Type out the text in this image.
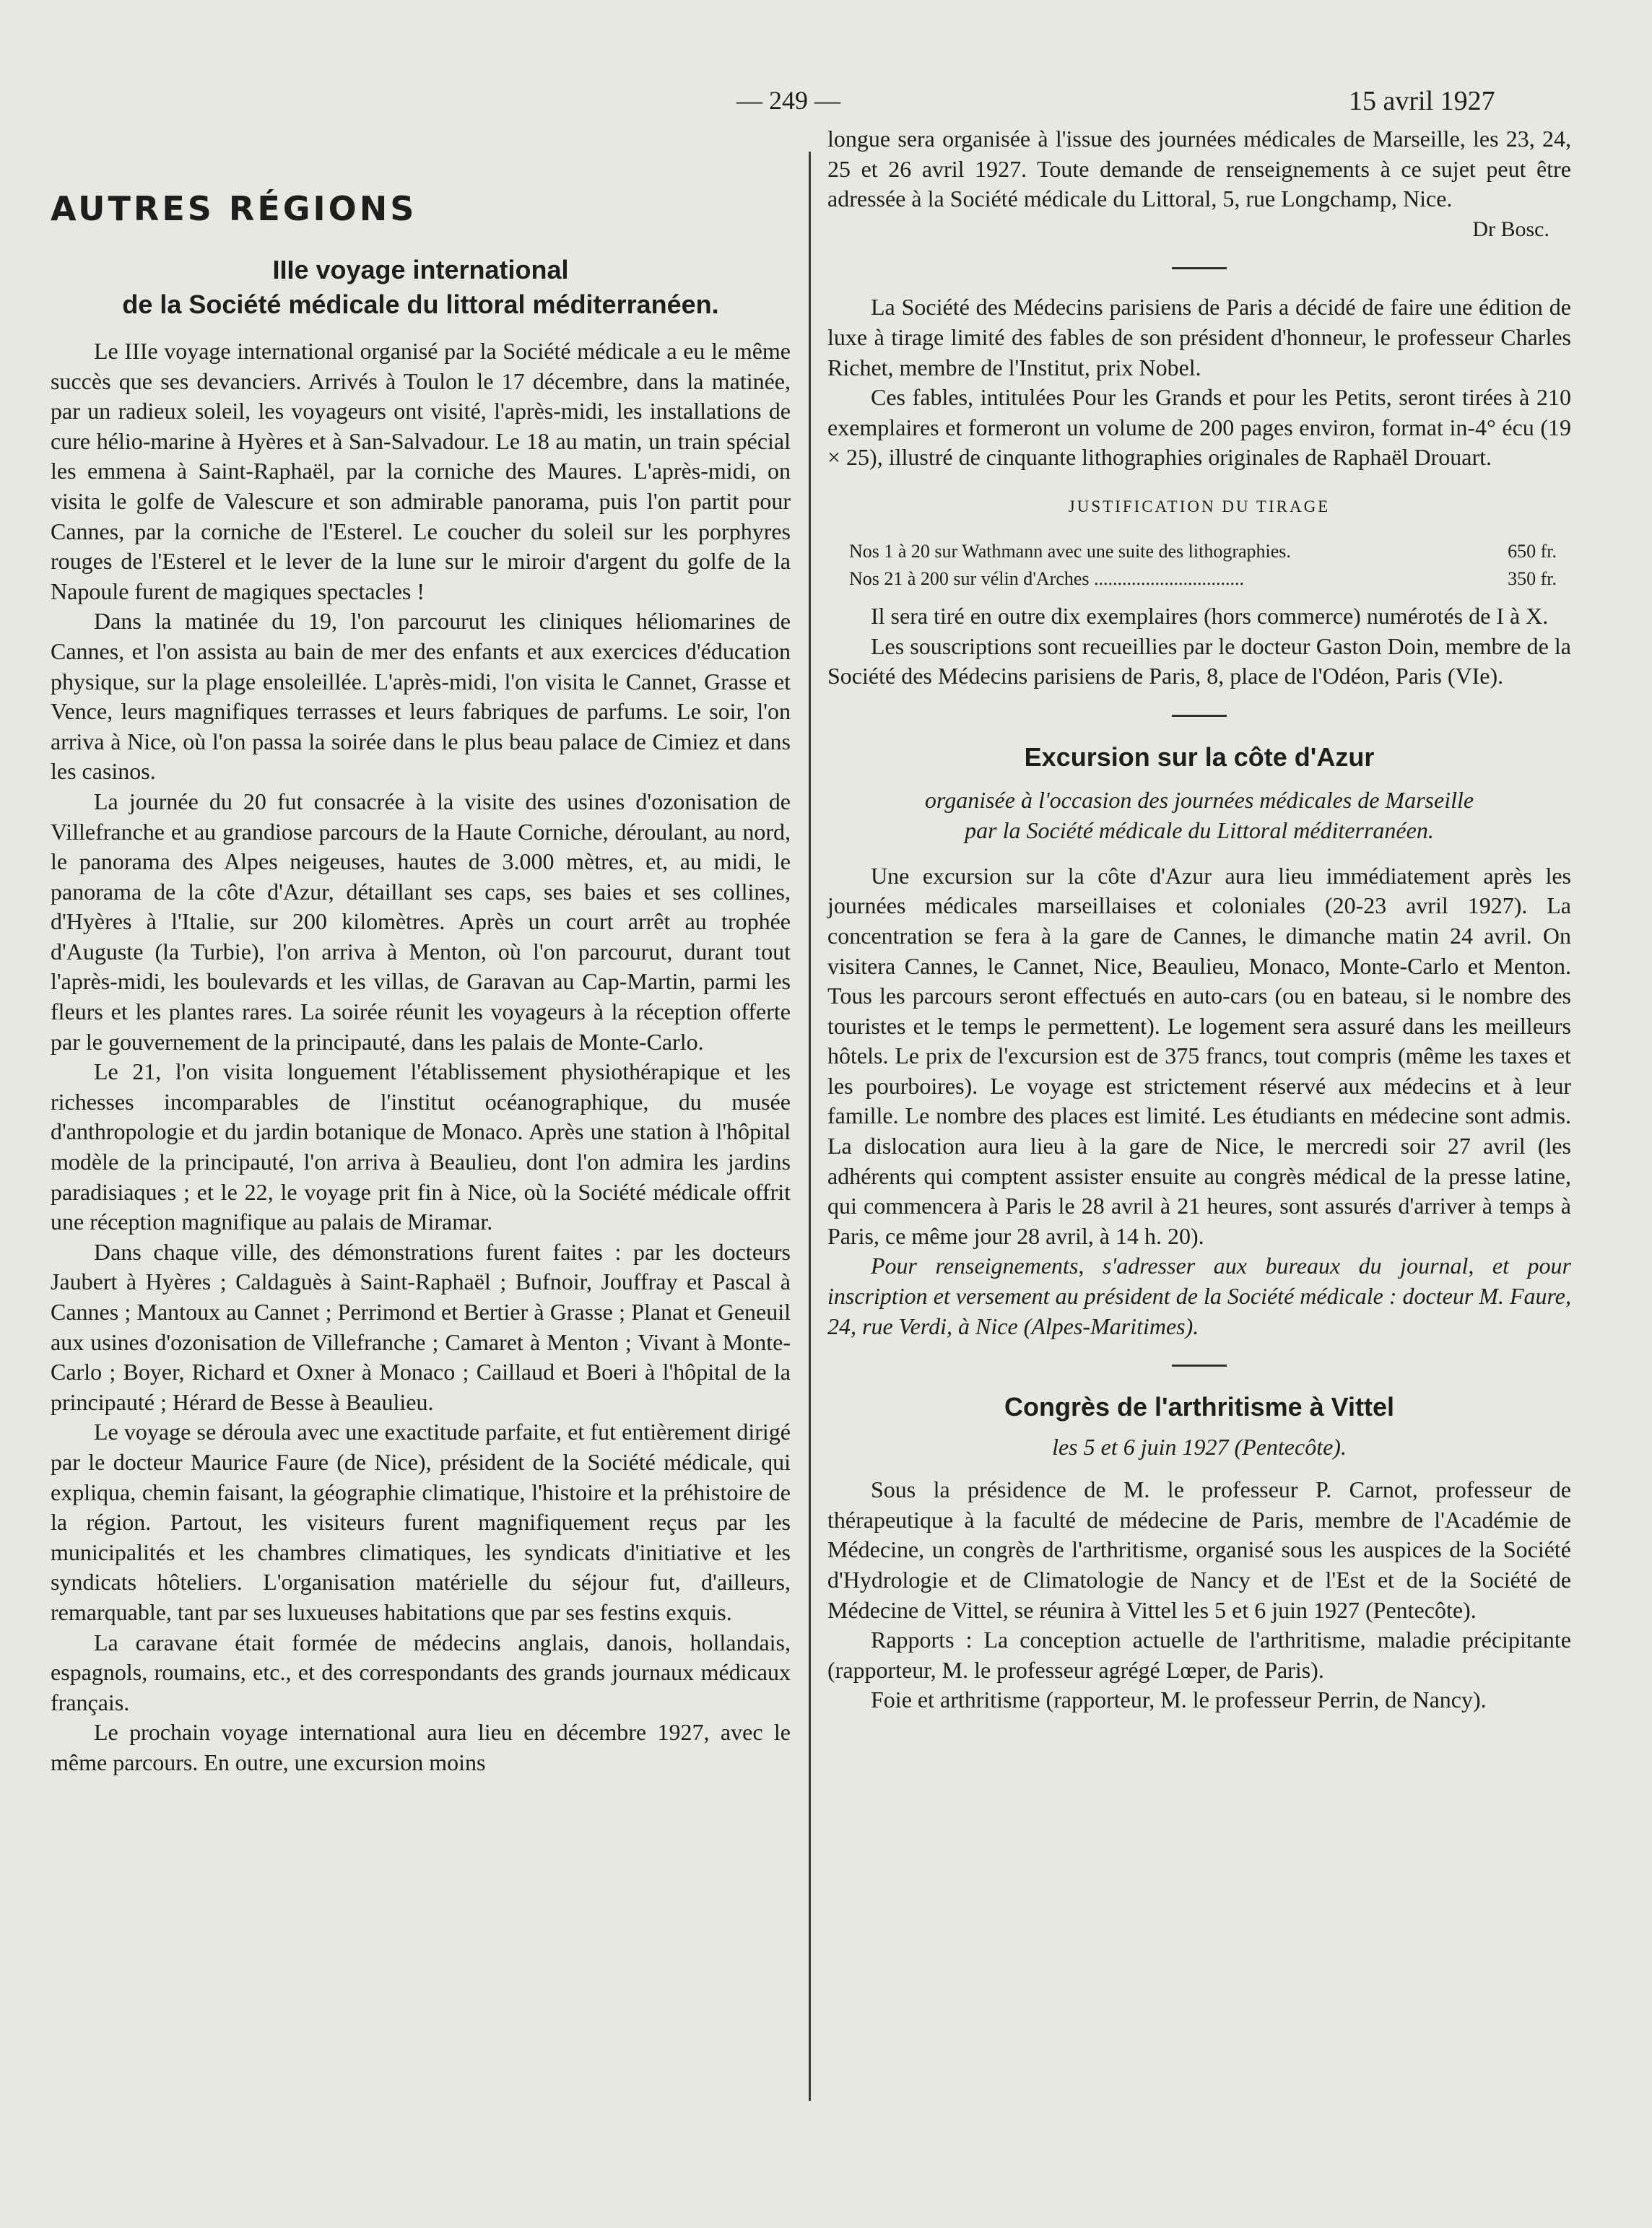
— 249 —	15 avril 1927
AUTRES RÉGIONS
IIIe voyage international
de la Société médicale du littoral méditerranéen.

Le IIIe voyage international organisé par la Société médicale a eu le même succès que ses devanciers. Arrivés à Toulon le 17 décembre, dans la matinée, par un radieux soleil, les voyageurs ont visité, l'après-midi, les installations de cure hélio-marine à Hyères et à San-Salvadour. Le 18 au matin, un train spécial les emmena à Saint-Raphaël, par la corniche des Maures. L'après-midi, on visita le golfe de Valescure et son admirable panorama, puis l'on partit pour Cannes, par la corniche de l'Esterel. Le coucher du soleil sur les porphyres rouges de l'Esterel et le lever de la lune sur le miroir d'argent du golfe de la Napoule furent de magiques spectacles !

Dans la matinée du 19, l'on parcourut les cliniques héliomarines de Cannes, et l'on assista au bain de mer des enfants et aux exercices d'éducation physique, sur la plage ensoleillée. L'après-midi, l'on visita le Cannet, Grasse et Vence, leurs magnifiques terrasses et leurs fabriques de parfums. Le soir, l'on arriva à Nice, où l'on passa la soirée dans le plus beau palace de Cimiez et dans les casinos.

La journée du 20 fut consacrée à la visite des usines d'ozonisation de Villefranche et au grandiose parcours de la Haute Corniche, déroulant, au nord, le panorama des Alpes neigeuses, hautes de 3.000 mètres, et, au midi, le panorama de la côte d'Azur, détaillant ses caps, ses baies et ses collines, d'Hyères à l'Italie, sur 200 kilomètres. Après un court arrêt au trophée d'Auguste (la Turbie), l'on arriva à Menton, où l'on parcourut, durant tout l'après-midi, les boulevards et les villas, de Garavan au Cap-Martin, parmi les fleurs et les plantes rares. La soirée réunit les voyageurs à la réception offerte par le gouvernement de la principauté, dans les palais de Monte-Carlo.

Le 21, l'on visita longuement l'établissement physiothérapique et les richesses incomparables de l'institut océanographique, du musée d'anthropologie et du jardin botanique de Monaco. Après une station à l'hôpital modèle de la principauté, l'on arriva à Beaulieu, dont l'on admira les jardins paradisiaques ; et le 22, le voyage prit fin à Nice, où la Société médicale offrit une réception magnifique au palais de Miramar.

Dans chaque ville, des démonstrations furent faites : par les docteurs Jaubert à Hyères ; Caldaguès à Saint-Raphaël ; Bufnoir, Jouffray et Pascal à Cannes ; Mantoux au Cannet ; Perrimond et Bertier à Grasse ; Planat et Geneuil aux usines d'ozonisation de Villefranche ; Camaret à Menton ; Vivant à Monte-Carlo ; Boyer, Richard et Oxner à Monaco ; Caillaud et Boeri à l'hôpital de la principauté ; Hérard de Besse à Beaulieu.

Le voyage se déroula avec une exactitude parfaite, et fut entièrement dirigé par le docteur Maurice Faure (de Nice), président de la Société médicale, qui expliqua, chemin faisant, la géographie climatique, l'histoire et la préhistoire de la région. Partout, les visiteurs furent magnifiquement reçus par les municipalités et les chambres climatiques, les syndicats d'initiative et les syndicats hôteliers. L'organisation matérielle du séjour fut, d'ailleurs, remarquable, tant par ses luxueuses habitations que par ses festins exquis.

La caravane était formée de médecins anglais, danois, hollandais, espagnols, roumains, etc., et des correspondants des grands journaux médicaux français.

Le prochain voyage international aura lieu en décembre 1927, avec le même parcours. En outre, une excursion moins

longue sera organisée à l'issue des journées médicales de Marseille, les 23, 24, 25 et 26 avril 1927. Toute demande de renseignements à ce sujet peut être adressée à la Société médicale du Littoral, 5, rue Longchamp, Nice.

Dr Bosc.

La Société des Médecins parisiens de Paris a décidé de faire une édition de luxe à tirage limité des fables de son président d'honneur, le professeur Charles Richet, membre de l'Institut, prix Nobel.

Ces fables, intitulées Pour les Grands et pour les Petits, seront tirées à 210 exemplaires et formeront un volume de 200 pages environ, format in-4° écu (19 × 25), illustré de cinquante lithographies originales de Raphaël Drouart.

JUSTIFICATION DU TIRAGE
Nos 1 à 20 sur Wathmann avec une suite des lithographies.	650 fr.
Nos 21 à 200 sur vélin d'Arches ................................	350 fr.

Il sera tiré en outre dix exemplaires (hors commerce) numérotés de I à X.

Les souscriptions sont recueillies par le docteur Gaston Doin, membre de la Société des Médecins parisiens de Paris, 8, place de l'Odéon, Paris (VIe).

Excursion sur la côte d'Azur
organisée à l'occasion des journées médicales de Marseille
par la Société médicale du Littoral méditerranéen.

Une excursion sur la côte d'Azur aura lieu immédiatement après les journées médicales marseillaises et coloniales (20-23 avril 1927). La concentration se fera à la gare de Cannes, le dimanche matin 24 avril. On visitera Cannes, le Cannet, Nice, Beaulieu, Monaco, Monte-Carlo et Menton. Tous les parcours seront effectués en auto-cars (ou en bateau, si le nombre des touristes et le temps le permettent). Le logement sera assuré dans les meilleurs hôtels. Le prix de l'excursion est de 375 francs, tout compris (même les taxes et les pourboires). Le voyage est strictement réservé aux médecins et à leur famille. Le nombre des places est limité. Les étudiants en médecine sont admis. La dislocation aura lieu à la gare de Nice, le mercredi soir 27 avril (les adhérents qui comptent assister ensuite au congrès médical de la presse latine, qui commencera à Paris le 28 avril à 21 heures, sont assurés d'arriver à temps à Paris, ce même jour 28 avril, à 14 h. 20).

Pour renseignements, s'adresser aux bureaux du journal, et pour inscription et versement au président de la Société médicale : docteur M. Faure, 24, rue Verdi, à Nice (Alpes-Maritimes).

Congrès de l'arthritisme à Vittel
les 5 et 6 juin 1927 (Pentecôte).

Sous la présidence de M. le professeur P. Carnot, professeur de thérapeutique à la faculté de médecine de Paris, membre de l'Académie de Médecine, un congrès de l'arthritisme, organisé sous les auspices de la Société d'Hydrologie et de Climatologie de Nancy et de l'Est et de la Société de Médecine de Vittel, se réunira à Vittel les 5 et 6 juin 1927 (Pentecôte).

Rapports : La conception actuelle de l'arthritisme, maladie précipitante (rapporteur, M. le professeur agrégé Lœper, de Paris).

Foie et arthritisme (rapporteur, M. le professeur Perrin, de Nancy).
